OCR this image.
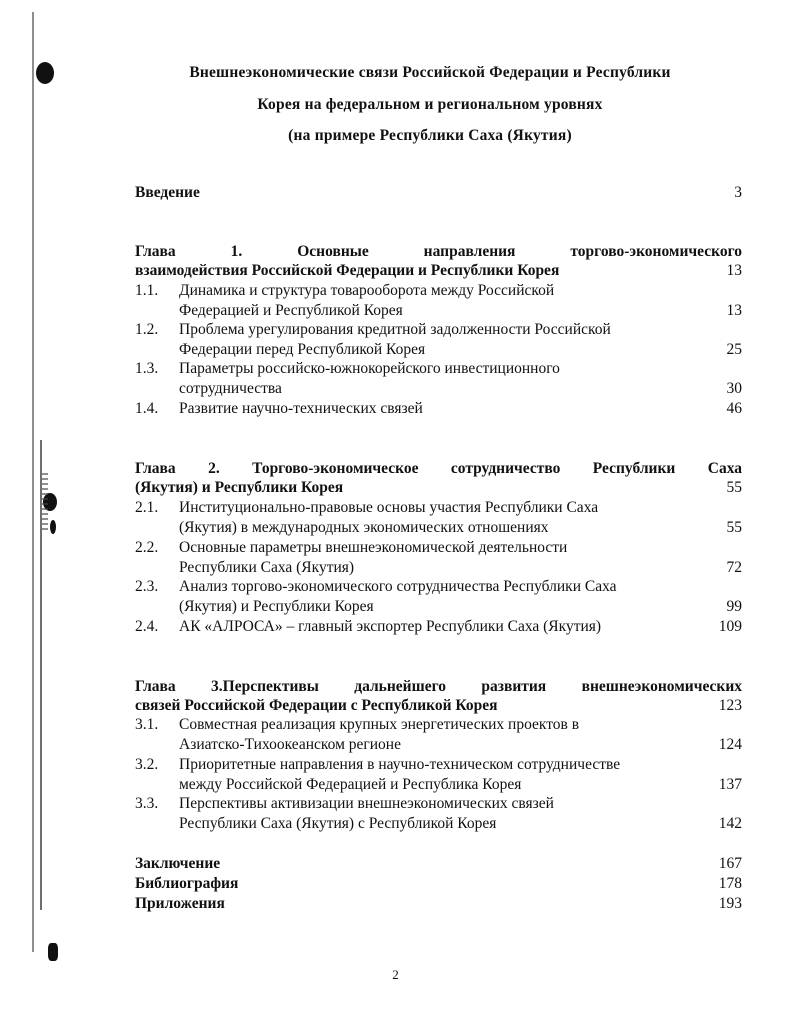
Внешнеэкономические связи Российской Федерации и Республики
Корея на федеральном и региональном уровнях
(на примере Республики Саха (Якутия)
Введение	3
Глава 1. Основные направления торгово-экономического
взаимодействия Российской Федерации и Республики Корея	13
1.1. Динамика и структура товарооборота между Российской
Федерацией и Республикой Корея	13
1.2. Проблема урегулирования кредитной задолженности Российской
Федерации перед Республикой Корея	25
1.3. Параметры российско-южнокорейского инвестиционного
сотрудничества	30
1.4. Развитие научно-технических связей	46
Глава 2. Торгово-экономическое сотрудничество Республики Саха
(Якутия) и Республики Корея	55
2.1. Институционально-правовые основы участия Республики Саха
(Якутия) в международных экономических отношениях	55
2.2. Основные параметры внешнеэкономической деятельности
Республики Саха (Якутия)	72
2.3. Анализ торгово-экономического сотрудничества Республики Саха
(Якутия) и Республики Корея	99
2.4. АК «АЛРОСА» – главный экспортер Республики Саха (Якутия)	109
Глава 3.Перспективы дальнейшего развития внешнеэкономических
связей Российской Федерации с Республикой Корея	123
3.1. Совместная реализация крупных энергетических проектов в
Азиатско-Тихоокеанском регионе	124
3.2. Приоритетные направления в научно-техническом сотрудничестве
между Российской Федерацией и Республика Корея	137
3.3. Перспективы активизации внешнеэкономических связей
Республики Саха (Якутия) с Республикой Корея	142
Заключение	167
Библиография	178
Приложения	193
2
